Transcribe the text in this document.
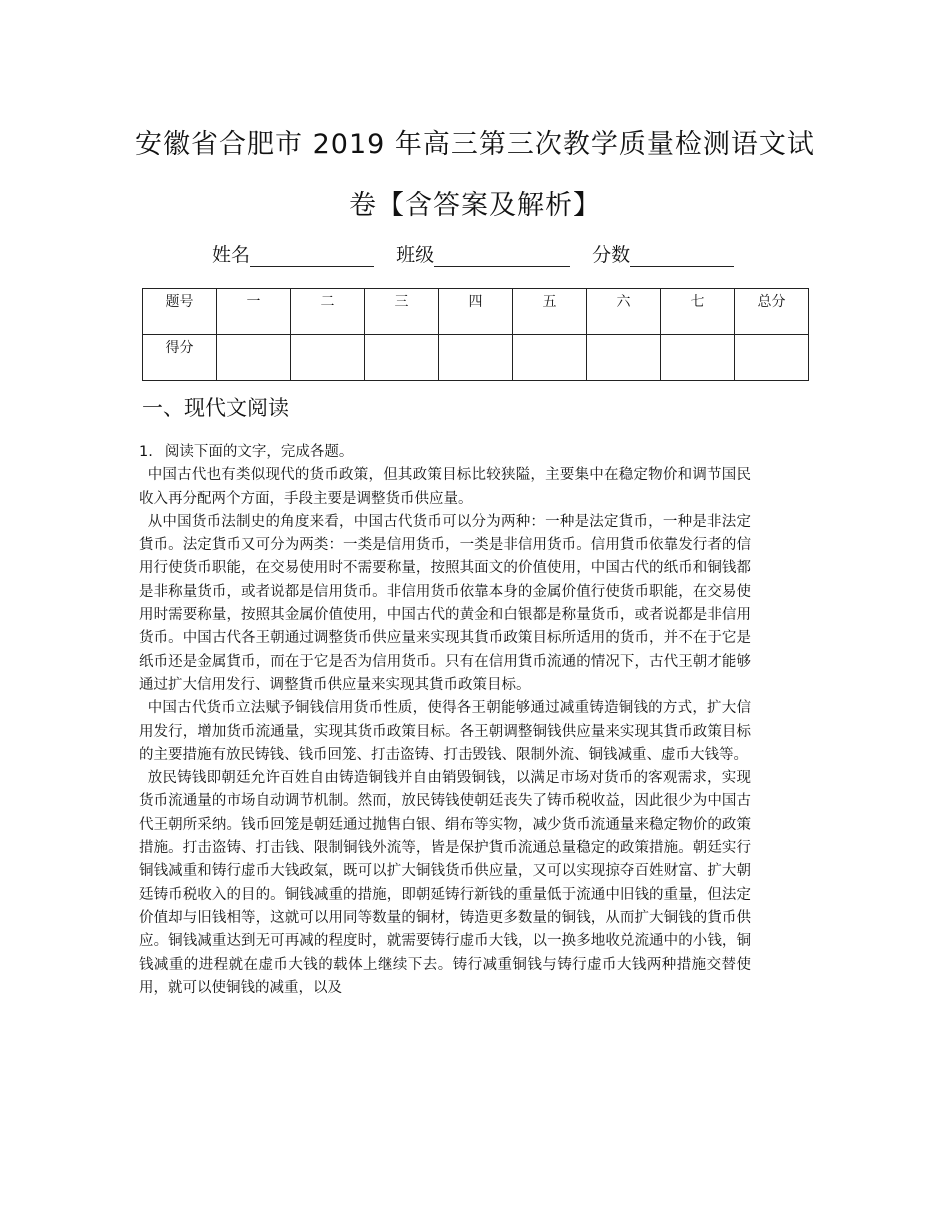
安徽省合肥市 2019 年高三第三次教学质量检测语文试
卷【含答案及解析】
姓名	班级	分数
题号	一	二	三	四	五	六	七	总分
得分								
一、现代文阅读

1. 阅读下面的文字，完成各题。

中国古代也有类似现代的货币政策，但其政策目标比较狭隘，主要集中在稳定物价和调节国民收入再分配两个方面，手段主要是调整货币供应量。

从中国货币法制史的角度来看，中国古代货币可以分为两种：一种是法定貨币，一种是非法定貨币。法定貨币又可分为两类：一类是信用货币，一类是非信用货币。信用貨币依靠发行者的信用行使货币职能，在交易使用时不需要称量，按照其面文的价值使用，中国古代的纸币和铜钱都是非称量货币，或者说都是信用货币。非信用货币依靠本身的金属价值行使货币职能，在交易使用时需要称量，按照其金属价值使用，中国古代的黄金和白银都是称量货币，或者说都是非信用货币。中国古代各王朝通过调整货币供应量来实现其貨币政策目标所适用的货币，并不在于它是纸币还是金属貨币，而在于它是否为信用货币。只有在信用貨币流通的情况下，古代王朝才能够通过扩大信用发行、调整貨币供应量来实现其貨币政策目标。

中国古代货币立法赋予铜钱信用货币性质，使得各王朝能够通过减重铸造铜钱的方式，扩大信用发行，增加货币流通量，实现其货币政策目标。各王朝调整铜钱供应量来实现其貨币政策目标的主要措施有放民铸钱、钱币回笼、打击盗铸、打击毁钱、限制外流、铜钱减重、虚币大钱等。

放民铸钱即朝廷允许百姓自由铸造铜钱并自由销毁铜钱，以满足市场对货币的客观需求，实现货币流通量的市场自动调节机制。然而，放民铸钱使朝廷丧失了铸币税收益，因此很少为中国古代王朝所采纳。钱币回笼是朝廷通过抛售白银、绢布等实物，减少货币流通量来稳定物价的政策措施。打击盗铸、打击钱、限制铜钱外流等，皆是保护貨币流通总量稳定的政策措施。朝廷实行铜钱减重和铸行虚币大钱政氣，既可以扩大铜钱货币供应量，又可以实现掠夺百姓财富、扩大朝廷铸币税收入的目的。铜钱减重的措施，即朝延铸行新钱的重量低于流通中旧钱的重量，但法定价值却与旧钱相等，这就可以用同等数量的铜材，铸造更多数量的铜钱，从而扩大铜钱的貨币供应。铜钱减重达到无可再减的程度时，就需要铸行虚币大钱，以一换多地收兑流通中的小钱，铜钱减重的进程就在虚币大钱的载体上继续下去。铸行减重铜钱与铸行虚币大钱两种措施交替使用，就可以使铜钱的减重，以及
